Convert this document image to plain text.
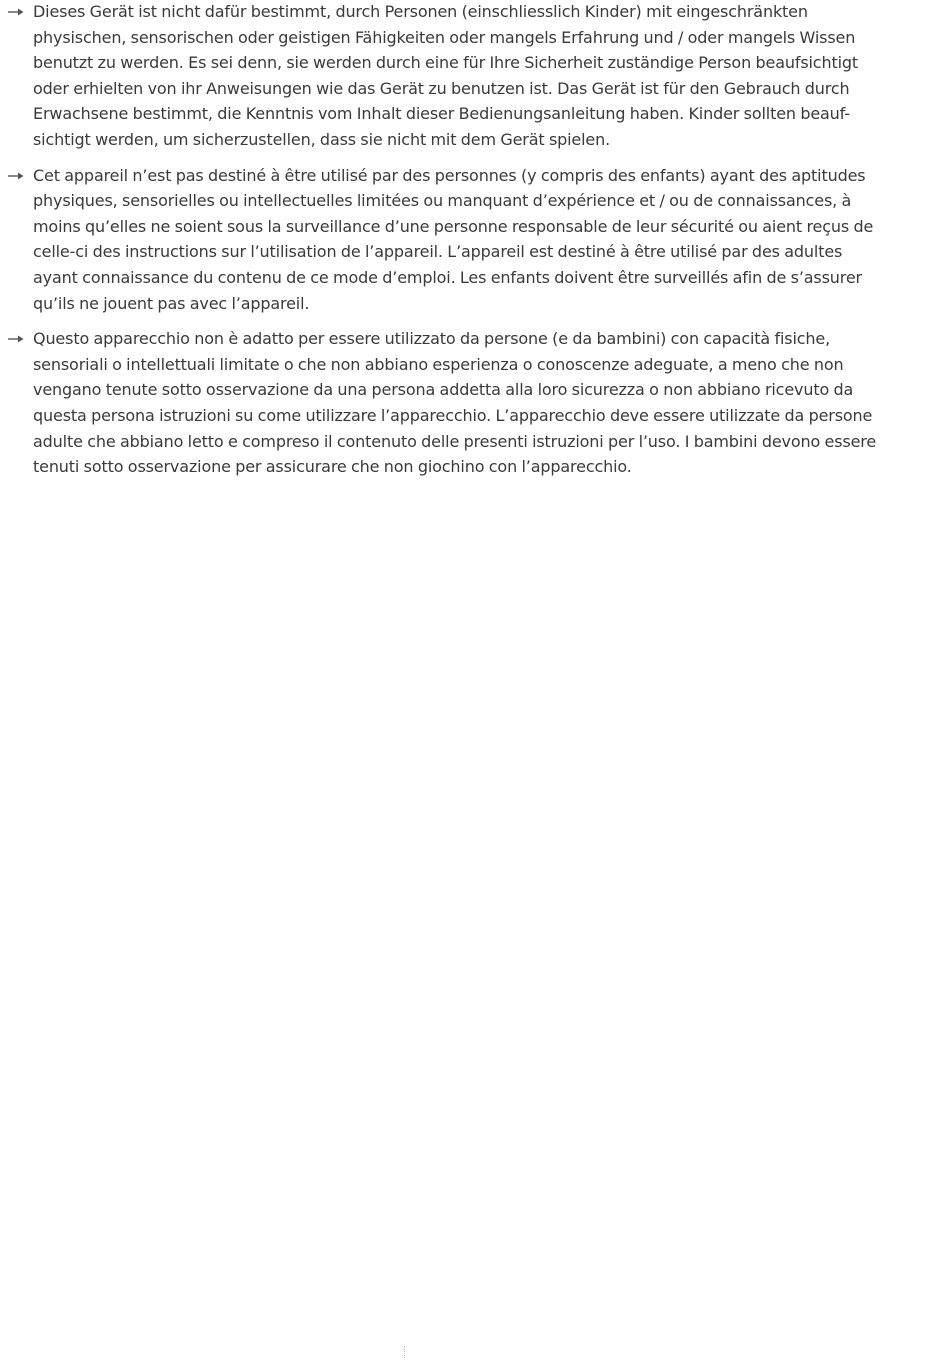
Dieses Gerät ist nicht dafür bestimmt, durch Personen (einschliesslich Kinder) mit eingeschränkten physischen, sensorischen oder geistigen Fähigkeiten oder mangels Erfahrung und / oder mangels Wissen benutzt zu werden. Es sei denn, sie werden durch eine für Ihre Sicherheit zuständige Person beaufsichtigt oder erhielten von ihr Anweisungen wie das Gerät zu benutzen ist. Das Gerät ist für den Gebrauch durch Erwachsene bestimmt, die Kenntnis vom Inhalt dieser Bedienungsanleitung haben. Kinder sollten beauf- sichtigt werden, um sicherzustellen, dass sie nicht mit dem Gerät spielen.

Cet appareil n’est pas destiné à être utilisé par des personnes (y compris des enfants) ayant des aptitudes physiques, sensorielles ou intellectuelles limitées ou manquant d’expérience et / ou de connaissances, à moins qu’elles ne soient sous la surveillance d’une personne responsable de leur sécurité ou aient reçus de celle-ci des instructions sur l’utilisation de l’appareil. L’appareil est destiné à être utilisé par des adultes ayant connaissance du contenu de ce mode d’emploi. Les enfants doivent être surveillés afin de s’assurer qu’ils ne jouent pas avec l’appareil.

Questo apparecchio non è adatto per essere utilizzato da persone (e da bambini) con capacità fisiche, sensoriali o intellettuali limitate o che non abbiano esperienza o conoscenze adeguate, a meno che non vengano tenute sotto osservazione da una persona addetta alla loro sicurezza o non abbiano ricevuto da questa persona istruzioni su come utilizzare l’apparecchio. L’apparecchio deve essere utilizzate da persone adulte che abbiano letto e compreso il contenuto delle presenti istruzioni per l’uso. I bambini devono essere tenuti sotto osservazione per assicurare che non giochino con l’apparecchio.
